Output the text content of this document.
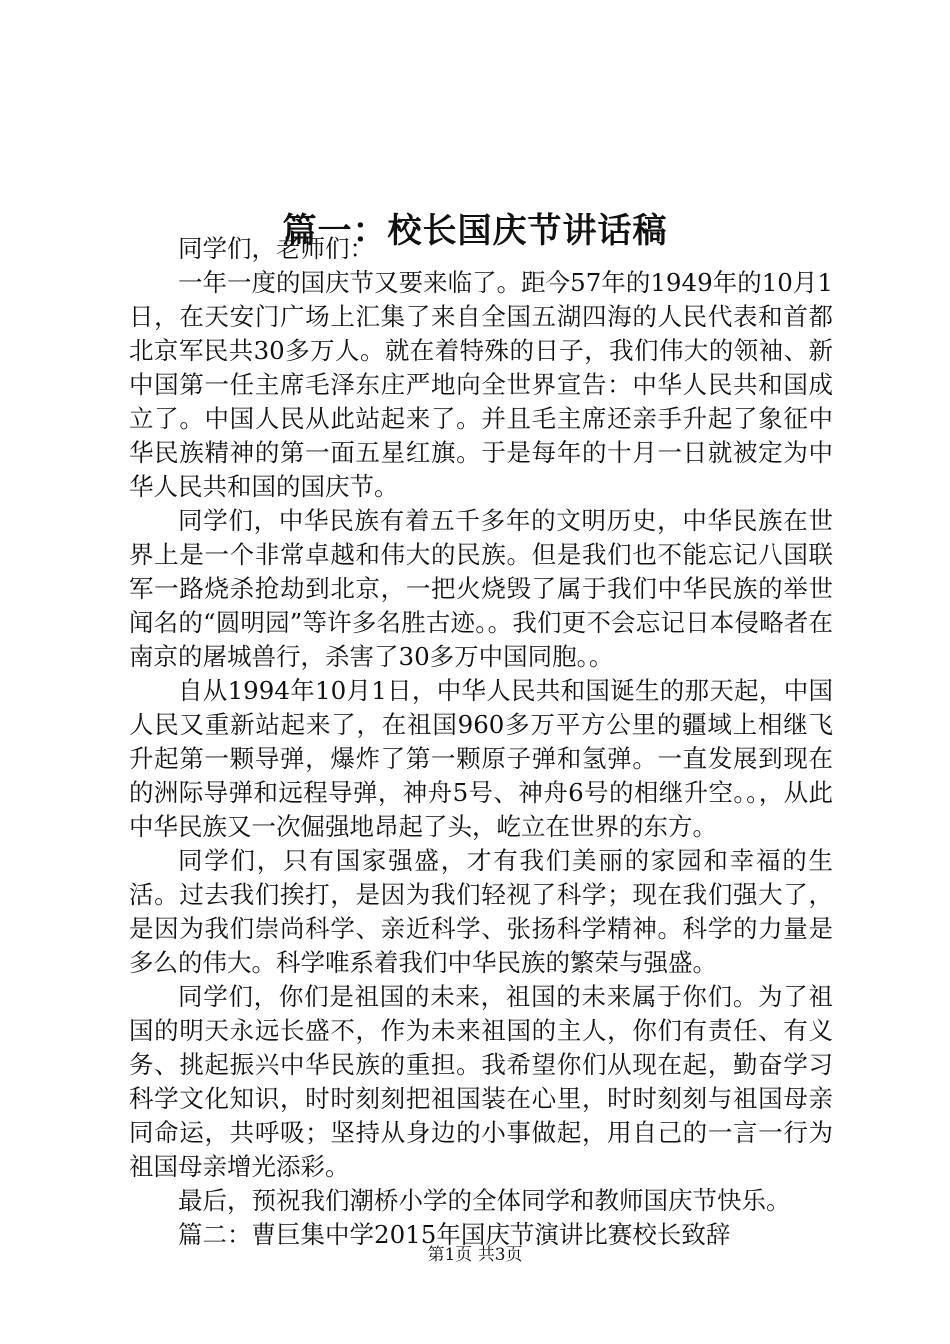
篇一：校长国庆节讲话稿

同学们，老师们：

一年一度的国庆节又要来临了。距今57年的1949年的10月1日，在天安门广场上汇集了来自全国五湖四海的人民代表和首都北京军民共30多万人。就在着特殊的日子，我们伟大的领袖、新中国第一任主席毛泽东庄严地向全世界宣告：中华人民共和国成立了。中国人民从此站起来了。并且毛主席还亲手升起了象征中华民族精神的第一面五星红旗。于是每年的十月一日就被定为中华人民共和国的国庆节。

同学们，中华民族有着五千多年的文明历史，中华民族在世界上是一个非常卓越和伟大的民族。但是我们也不能忘记八国联军一路烧杀抢劫到北京，一把火烧毁了属于我们中华民族的举世闻名的“圆明园”等许多名胜古迹。。我们更不会忘记日本侵略者在南京的屠城兽行，杀害了30多万中国同胞。。

自从1994年10月1日，中华人民共和国诞生的那天起，中国人民又重新站起来了，在祖国960多万平方公里的疆域上相继飞升起第一颗导弹，爆炸了第一颗原子弹和氢弹。一直发展到现在的洲际导弹和远程导弹，神舟5号、神舟6号的相继升空。。，从此中华民族又一次倔强地昂起了头，屹立在世界的东方。

同学们，只有国家强盛，才有我们美丽的家园和幸福的生活。过去我们挨打，是因为我们轻视了科学；现在我们强大了，是因为我们崇尚科学、亲近科学、张扬科学精神。科学的力量是多么的伟大。科学唯系着我们中华民族的繁荣与强盛。

同学们，你们是祖国的未来，祖国的未来属于你们。为了祖国的明天永远长盛不，作为未来祖国的主人，你们有责任、有义务、挑起振兴中华民族的重担。我希望你们从现在起，勤奋学习科学文化知识，时时刻刻把祖国装在心里，时时刻刻与祖国母亲同命运，共呼吸；坚持从身边的小事做起，用自己的一言一行为祖国母亲增光添彩。

最后，预祝我们潮桥小学的全体同学和教师国庆节快乐。

篇二：曹巨集中学2015年国庆节演讲比赛校长致辞

第1页 共3页
